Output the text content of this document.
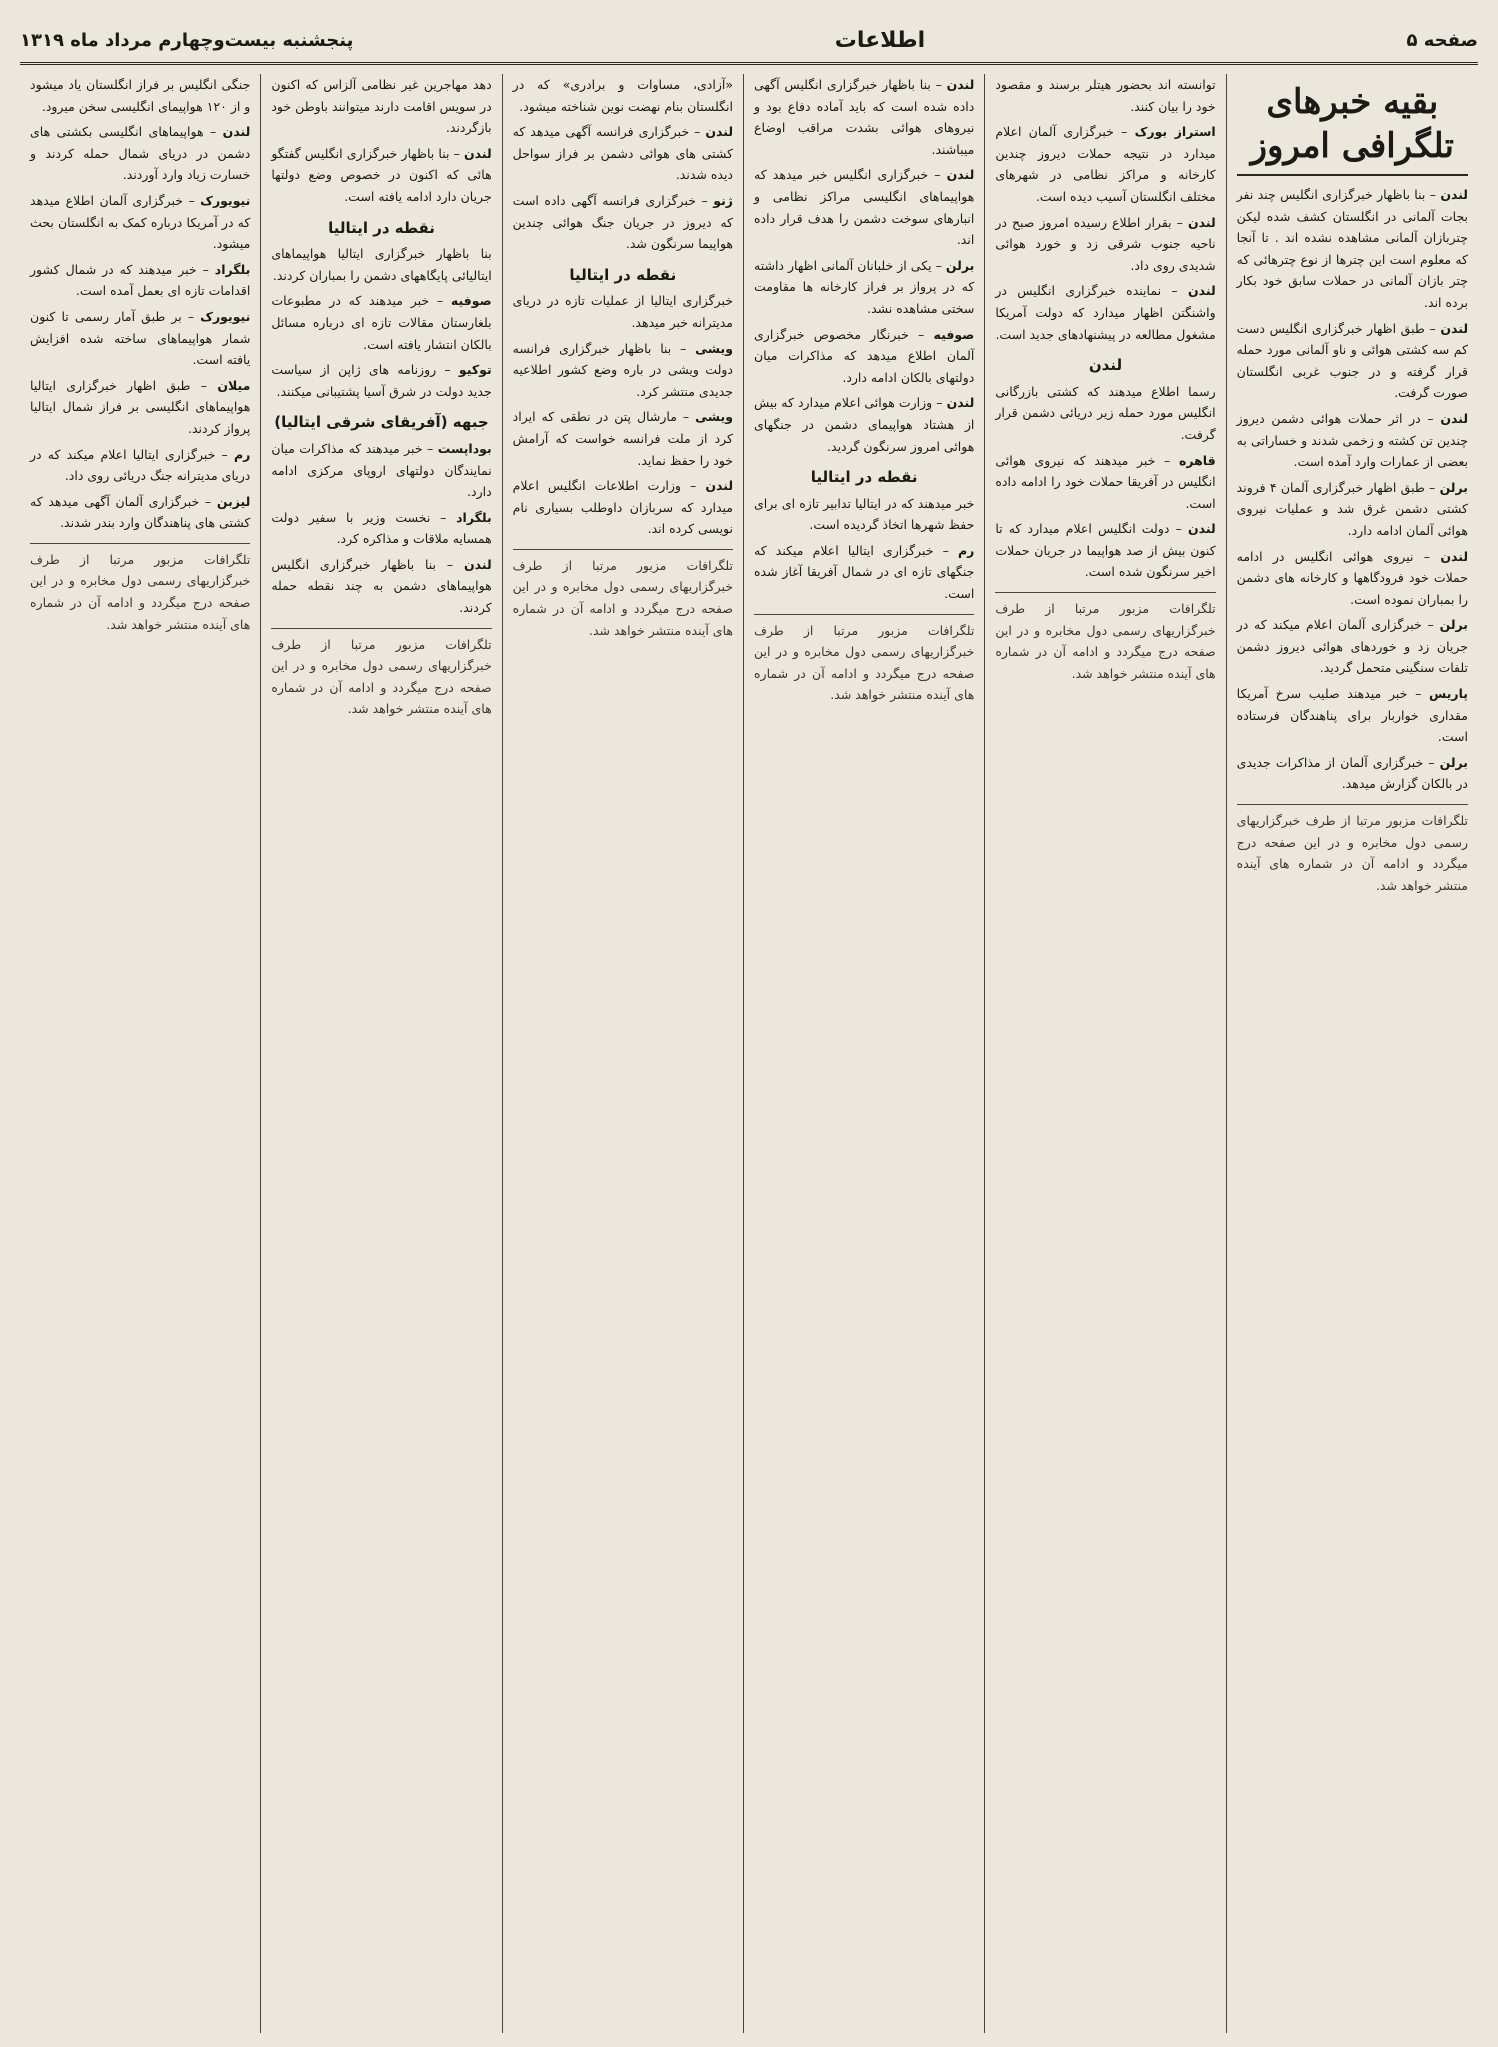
صفحه ۵
اطلاعات
پنجشنبه بیست‌وچهارم مرداد ماه ۱۳۱۹
بقیه خبرهای تلگرافی امروز

لندن – بنا باظهار خبرگزاری انگلیس چند نفر بجات آلمانی در انگلستان کشف شده لیکن چتربازان آلمانی مشاهده نشده اند . تا آنجا که معلوم است این چترها از نوع چترهائی که چتر بازان آلمانی در حملات سابق خود بکار برده اند.

لندن – طبق اظهار خبرگزاری انگلیس دست کم سه کشتی هوائی و ناو آلمانی مورد حمله قرار گرفته و در جنوب غربی انگلستان صورت گرفت.

لندن – در اثر حملات هوائی دشمن دیروز چندین تن کشته و زخمی شدند و خساراتی به بعضی از عمارات وارد آمده است.

برلن – طبق اظهار خبرگزاری آلمان ۴ فروند کشتی دشمن غرق شد و عملیات نیروی هوائی آلمان ادامه دارد.

لندن – نیروی هوائی انگلیس در ادامه حملات خود فرودگاهها و کارخانه های دشمن را بمباران نموده است.

برلن – خبرگزاری آلمان اعلام میکند که در جریان زد و خوردهای هوائی دیروز دشمن تلفات سنگینی متحمل گردید.

پاریس – خبر میدهند صلیب سرخ آمریکا مقداری خواربار برای پناهندگان فرستاده است.

برلن – خبرگزاری آلمان از مذاکرات جدیدی در بالکان گزارش میدهد.

تلگرافات مزبور مرتبا از طرف خبرگزاریهای رسمی دول مخابره و در این صفحه درج میگردد و ادامه آن در شماره های آینده منتشر خواهد شد.

توانسته اند بحضور هیتلر برسند و مقصود خود را بیان کنند.

استراز بورک – خبرگزاری آلمان اعلام میدارد در نتیجه حملات دیروز چندین کارخانه و مراکز نظامی در شهرهای مختلف انگلستان آسیب دیده است.

لندن – بقرار اطلاع رسیده امروز صبح در ناحیه جنوب شرقی زد و خورد هوائی شدیدی روی داد.

لندن – نماینده خبرگزاری انگلیس در واشنگتن اظهار میدارد که دولت آمریکا مشغول مطالعه در پیشنهادهای جدید است.

لندن

رسما اطلاع میدهند که کشتی بازرگانی انگلیس مورد حمله زیر دریائی دشمن قرار گرفت.

قاهره – خبر میدهند که نیروی هوائی انگلیس در آفریقا حملات خود را ادامه داده است.

لندن – دولت انگلیس اعلام میدارد که تا کنون بیش از صد هواپیما در جریان حملات اخیر سرنگون شده است.

تلگرافات مزبور مرتبا از طرف خبرگزاریهای رسمی دول مخابره و در این صفحه درج میگردد و ادامه آن در شماره های آینده منتشر خواهد شد.

لندن – بنا باظهار خبرگزاری انگلیس آگهی داده شده است که باید آماده دفاع بود و نیروهای هوائی بشدت مراقب اوضاع میباشند.

لندن – خبرگزاری انگلیس خبر میدهد که هواپیماهای انگلیسی مراکز نظامی و انبارهای سوخت دشمن را هدف قرار داده اند.

برلن – یکی از خلبانان آلمانی اظهار داشته که در پرواز بر فراز کارخانه ها مقاومت سختی مشاهده نشد.

صوفیه – خبرنگار مخصوص خبرگزاری آلمان اطلاع میدهد که مذاکرات میان دولتهای بالکان ادامه دارد.

لندن – وزارت هوائی اعلام میدارد که بیش از هشتاد هواپیمای دشمن در جنگهای هوائی امروز سرنگون گردید.

نقطه در ایتالیا

خبر میدهند که در ایتالیا تدابیر تازه ای برای حفظ شهرها اتخاذ گردیده است.

رم – خبرگزاری ایتالیا اعلام میکند که جنگهای تازه ای در شمال آفریقا آغاز شده است.

تلگرافات مزبور مرتبا از طرف خبرگزاریهای رسمی دول مخابره و در این صفحه درج میگردد و ادامه آن در شماره های آینده منتشر خواهد شد.

«آزادی، مساوات و برادری» که در انگلستان بنام نهضت نوین شناخته میشود.

لندن – خبرگزاری فرانسه آگهی میدهد که کشتی های هوائی دشمن بر فراز سواحل دیده شدند.

ژنو – خبرگزاری فرانسه آگهی داده است که دیروز در جریان جنگ هوائی چندین هواپیما سرنگون شد.

نقطه در ایتالیا

خبرگزاری ایتالیا از عملیات تازه در دریای مدیترانه خبر میدهد.

ویشی – بنا باظهار خبرگزاری فرانسه دولت ویشی در باره وضع کشور اطلاعیه جدیدی منتشر کرد.

ویشی – مارشال پتن در نطقی که ایراد کرد از ملت فرانسه خواست که آرامش خود را حفظ نماید.

لندن – وزارت اطلاعات انگلیس اعلام میدارد که سربازان داوطلب بسیاری نام نویسی کرده اند.

تلگرافات مزبور مرتبا از طرف خبرگزاریهای رسمی دول مخابره و در این صفحه درج میگردد و ادامه آن در شماره های آینده منتشر خواهد شد.

دهد مهاجرین غیر نظامی آلزاس که اکنون در سویس اقامت دارند میتوانند باوطن خود بازگردند.

لندن – بنا باظهار خبرگزاری انگلیس گفتگو هائی که اکنون در خصوص وضع دولتها جریان دارد ادامه یافته است.

نقطه در ایتالیا

بنا باظهار خبرگزاری ایتالیا هواپیماهای ایتالیائی پایگاههای دشمن را بمباران کردند.

صوفیه – خبر میدهند که در مطبوعات بلغارستان مقالات تازه ای درباره مسائل بالکان انتشار یافته است.

توکیو – روزنامه های ژاپن از سیاست جدید دولت در شرق آسیا پشتیبانی میکنند.

جبهه (آفریقای شرقی ایتالیا)

بوداپست – خبر میدهند که مذاکرات میان نمایندگان دولتهای اروپای مرکزی ادامه دارد.

بلگراد – نخست وزیر با سفیر دولت همسایه ملاقات و مذاکره کرد.

لندن – بنا باظهار خبرگزاری انگلیس هواپیماهای دشمن به چند نقطه حمله کردند.

تلگرافات مزبور مرتبا از طرف خبرگزاریهای رسمی دول مخابره و در این صفحه درج میگردد و ادامه آن در شماره های آینده منتشر خواهد شد.

جنگی انگلیس بر فراز انگلستان یاد میشود و از ۱۲۰ هواپیمای انگلیسی سخن میرود.

لندن – هواپیماهای انگلیسی بکشتی های دشمن در دریای شمال حمله کردند و خسارت زیاد وارد آوردند.

نیویورک – خبرگزاری آلمان اطلاع میدهد که در آمریکا درباره کمک به انگلستان بحث میشود.

بلگراد – خبر میدهند که در شمال کشور اقدامات تازه ای بعمل آمده است.

نیویورک – بر طبق آمار رسمی تا کنون شمار هواپیماهای ساخته شده افزایش یافته است.

میلان – طبق اظهار خبرگزاری ایتالیا هواپیماهای انگلیسی بر فراز شمال ایتالیا پرواز کردند.

رم – خبرگزاری ایتالیا اعلام میکند که در دریای مدیترانه جنگ دریائی روی داد.

لیزبن – خبرگزاری آلمان آگهی میدهد که کشتی های پناهندگان وارد بندر شدند.

تلگرافات مزبور مرتبا از طرف خبرگزاریهای رسمی دول مخابره و در این صفحه درج میگردد و ادامه آن در شماره های آینده منتشر خواهد شد.
